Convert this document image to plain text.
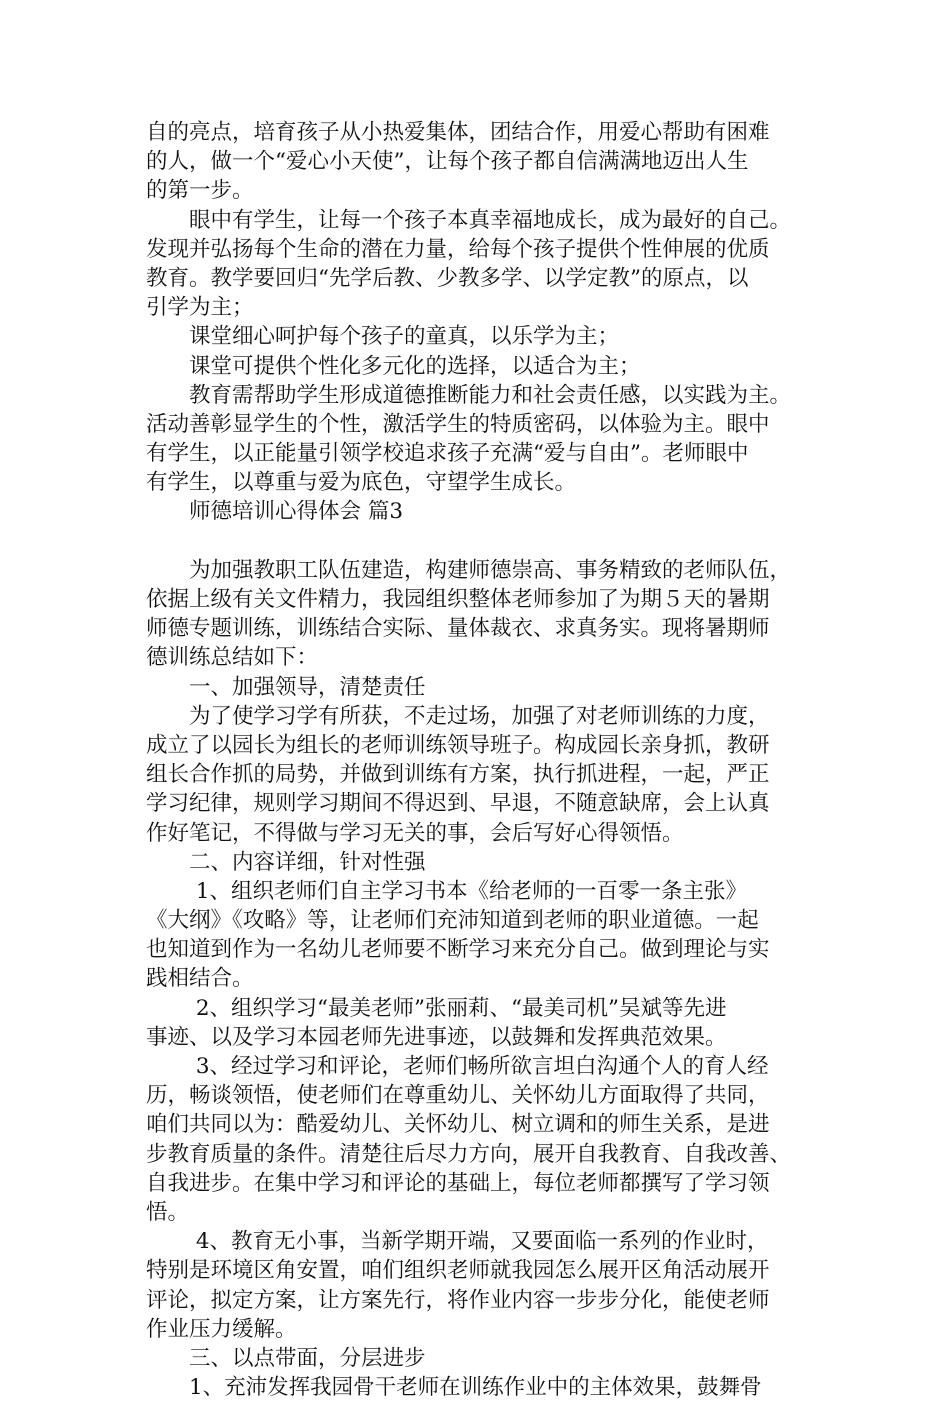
自的亮点，培育孩子从小热爱集体，团结合作，用爱心帮助有困难
的人，做一个“爱心小天使”，让每个孩子都自信满满地迈出人生
的第一步。
　　眼中有学生，让每一个孩子本真幸福地成长，成为最好的自己。
发现并弘扬每个生命的潜在力量，给每个孩子提供个性伸展的优质
教育。教学要回归“先学后教、少教多学、以学定教”的原点，以
引学为主；
　　课堂细心呵护每个孩子的童真，以乐学为主；
　　课堂可提供个性化多元化的选择，以适合为主；
　　教育需帮助学生形成道德推断能力和社会责任感，以实践为主。
活动善彰显学生的个性，激活学生的特质密码，以体验为主。眼中
有学生，以正能量引领学校追求孩子充满“爱与自由”。老师眼中
有学生，以尊重与爱为底色，守望学生成长。
　　师德培训心得体会 篇3
　　为加强教职工队伍建造，构建师德崇高、事务精致的老师队伍，
依据上级有关文件精力，我园组织整体老师参加了为期５天的暑期
师德专题训练，训练结合实际、量体裁衣、求真务实。现将暑期师
德训练总结如下：
　　一、加强领导，清楚责任
　　为了使学习学有所获，不走过场，加强了对老师训练的力度，
成立了以园长为组长的老师训练领导班子。构成园长亲身抓，教研
组长合作抓的局势，并做到训练有方案，执行抓进程，一起，严正
学习纪律，规则学习期间不得迟到、早退，不随意缺席，会上认真
作好笔记，不得做与学习无关的事，会后写好心得领悟。
　　二、内容详细，针对性强
　　 1、组织老师们自主学习书本《给老师的一百零一条主张》
《大纲》《攻略》等，让老师们充沛知道到老师的职业道德。一起
也知道到作为一名幼儿老师要不断学习来充分自己。做到理论与实
践相结合。
　　 2、组织学习“最美老师”张丽莉、“最美司机”吴斌等先进
事迹、以及学习本园老师先进事迹，以鼓舞和发挥典范效果。
　　 3、经过学习和评论，老师们畅所欲言坦白沟通个人的育人经
历，畅谈领悟，使老师们在尊重幼儿、关怀幼儿方面取得了共同，
咱们共同以为：酷爱幼儿、关怀幼儿、树立调和的师生关系，是进
步教育质量的条件。清楚往后尽力方向，展开自我教育、自我改善、
自我进步。在集中学习和评论的基础上，每位老师都撰写了学习领
悟。
　　 4、教育无小事，当新学期开端，又要面临一系列的作业时，
特别是环境区角安置，咱们组织老师就我园怎么展开区角活动展开
评论，拟定方案，让方案先行，将作业内容一步步分化，能使老师
作业压力缓解。
　　三、以点带面，分层进步
　　1、充沛发挥我园骨干老师在训练作业中的主体效果，鼓舞骨
